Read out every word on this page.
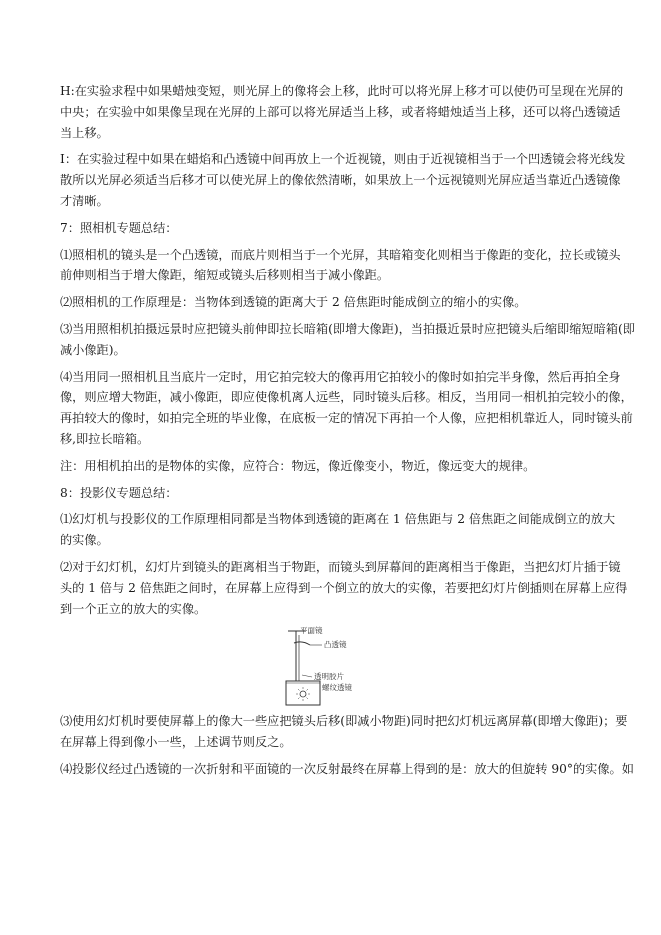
H:在实验求程中如果蜡烛变短，则光屏上的像将会上移，此时可以将光屏上移才可以使仍可呈现在光屏的
中央；在实验中如果像呈现在光屏的上部可以将光屏适当上移，或者将蜡烛适当上移，还可以将凸透镜适
当上移。

I：在实验过程中如果在蜡焰和凸透镜中间再放上一个近视镜，则由于近视镜相当于一个凹透镜会将光线发
散所以光屏必须适当后移才可以使光屏上的像依然清晰，如果放上一个远视镜则光屏应适当靠近凸透镜像
才清晰。

7：照相机专题总结：

⑴照相机的镜头是一个凸透镜，而底片则相当于一个光屏，其暗箱变化则相当于像距的变化，拉长或镜头
前伸则相当于增大像距，缩短或镜头后移则相当于减小像距。

⑵照相机的工作原理是：当物体到透镜的距离大于 2 倍焦距时能成倒立的缩小的实像。

⑶当用照相机拍摄远景时应把镜头前伸即拉长暗箱(即增大像距)，当拍摄近景时应把镜头后缩即缩短暗箱(即
减小像距)。

⑷当用同一照相机且当底片一定时，用它拍完较大的像再用它拍较小的像时如拍完半身像，然后再拍全身
像，则应增大物距，减小像距，即应使像机离人远些，同时镜头后移。相反，当用同一相机拍完较小的像，
再拍较大的像时，如拍完全班的毕业像，在底板一定的情况下再拍一个人像，应把相机靠近人，同时镜头前
移,即拉长暗箱。

注：用相机拍出的是物体的实像，应符合：物远，像近像变小，物近，像远变大的规律。

8：投影仪专题总结：

⑴幻灯机与投影仪的工作原理相同都是当物体到透镜的距离在 1 倍焦距与 2 倍焦距之间能成倒立的放大
的实像。

⑵对于幻灯机，幻灯片到镜头的距离相当于物距，而镜头到屏幕间的距离相当于像距，当把幻灯片插于镜
头的 1 倍与 2 倍焦距之间时，在屏幕上应得到一个倒立的放大的实像，若要把幻灯片倒插则在屏幕上应得
到一个正立的放大的实像。

平面镜
凸透镜
透明胶片
螺纹透镜

⑶使用幻灯机时要使屏幕上的像大一些应把镜头后移(即减小物距)同时把幻灯机远离屏幕(即增大像距)；要
在屏幕上得到像小一些，上述调节则反之。

⑷投影仪经过凸透镜的一次折射和平面镜的一次反射最终在屏幕上得到的是：放大的但旋转 90°的实像。如
